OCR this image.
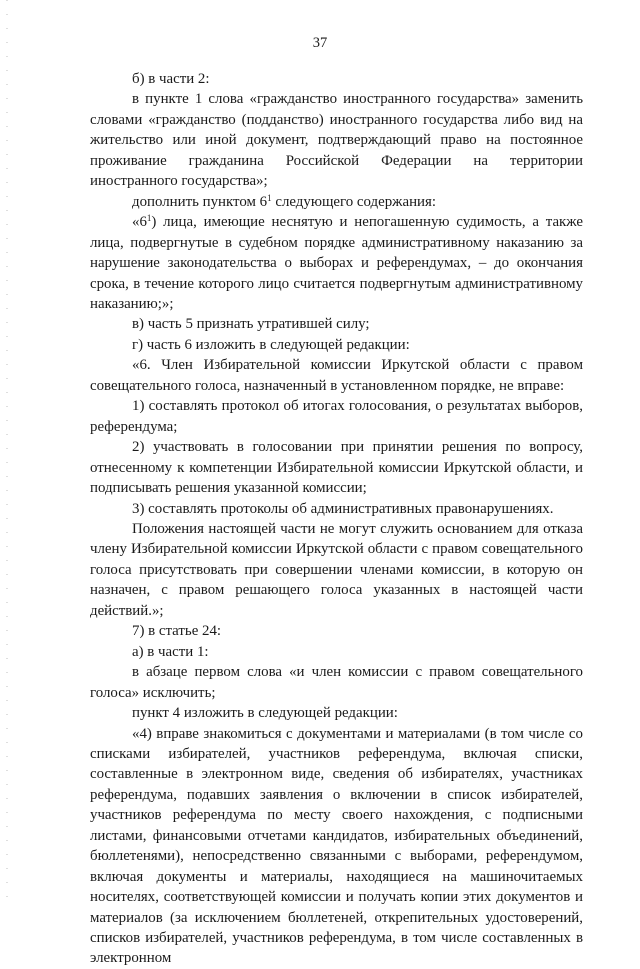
37

б) в части 2:

в пункте 1 слова «гражданство иностранного государства» заменить словами «гражданство (подданство) иностранного государства либо вид на жительство или иной документ, подтверждающий право на постоянное проживание гражданина Российской Федерации на территории иностранного государства»;

дополнить пунктом $6^1$ следующего содержания:

«$6^1$) лица, имеющие неснятую и непогашенную судимость, а также лица, подвергнутые в судебном порядке административному наказанию за нарушение законодательства о выборах и референдумах, – до окончания срока, в течение которого лицо считается подвергнутым административному наказанию;»;

в) часть 5 признать утратившей силу;

г) часть 6 изложить в следующей редакции:

«6. Член Избирательной комиссии Иркутской области с правом совещательного голоса, назначенный в установленном порядке, не вправе:

1) составлять протокол об итогах голосования, о результатах выборов, референдума;

2) участвовать в голосовании при принятии решения по вопросу, отнесенному к компетенции Избирательной комиссии Иркутской области, и подписывать решения указанной комиссии;

3) составлять протоколы об административных правонарушениях.

Положения настоящей части не могут служить основанием для отказа члену Избирательной комиссии Иркутской области с правом совещательного голоса присутствовать при совершении членами комиссии, в которую он назначен, с правом решающего голоса указанных в настоящей части действий.»;

7) в статье 24:

а) в части 1:

в абзаце первом слова «и член комиссии с правом совещательного голоса» исключить;

пункт 4 изложить в следующей редакции:

«4) вправе знакомиться с документами и материалами (в том числе со списками избирателей, участников референдума, включая списки, составленные в электронном виде, сведения об избирателях, участниках референдума, подавших заявления о включении в список избирателей, участников референдума по месту своего нахождения, с подписными листами, финансовыми отчетами кандидатов, избирательных объединений, бюллетенями), непосредственно связанными с выборами, референдумом, включая документы и материалы, находящиеся на машиночитаемых носителях, соответствующей комиссии и получать копии этих документов и материалов (за исключением бюллетеней, открепительных удостоверений, списков избирателей, участников референдума, в том числе составленных в электронном
